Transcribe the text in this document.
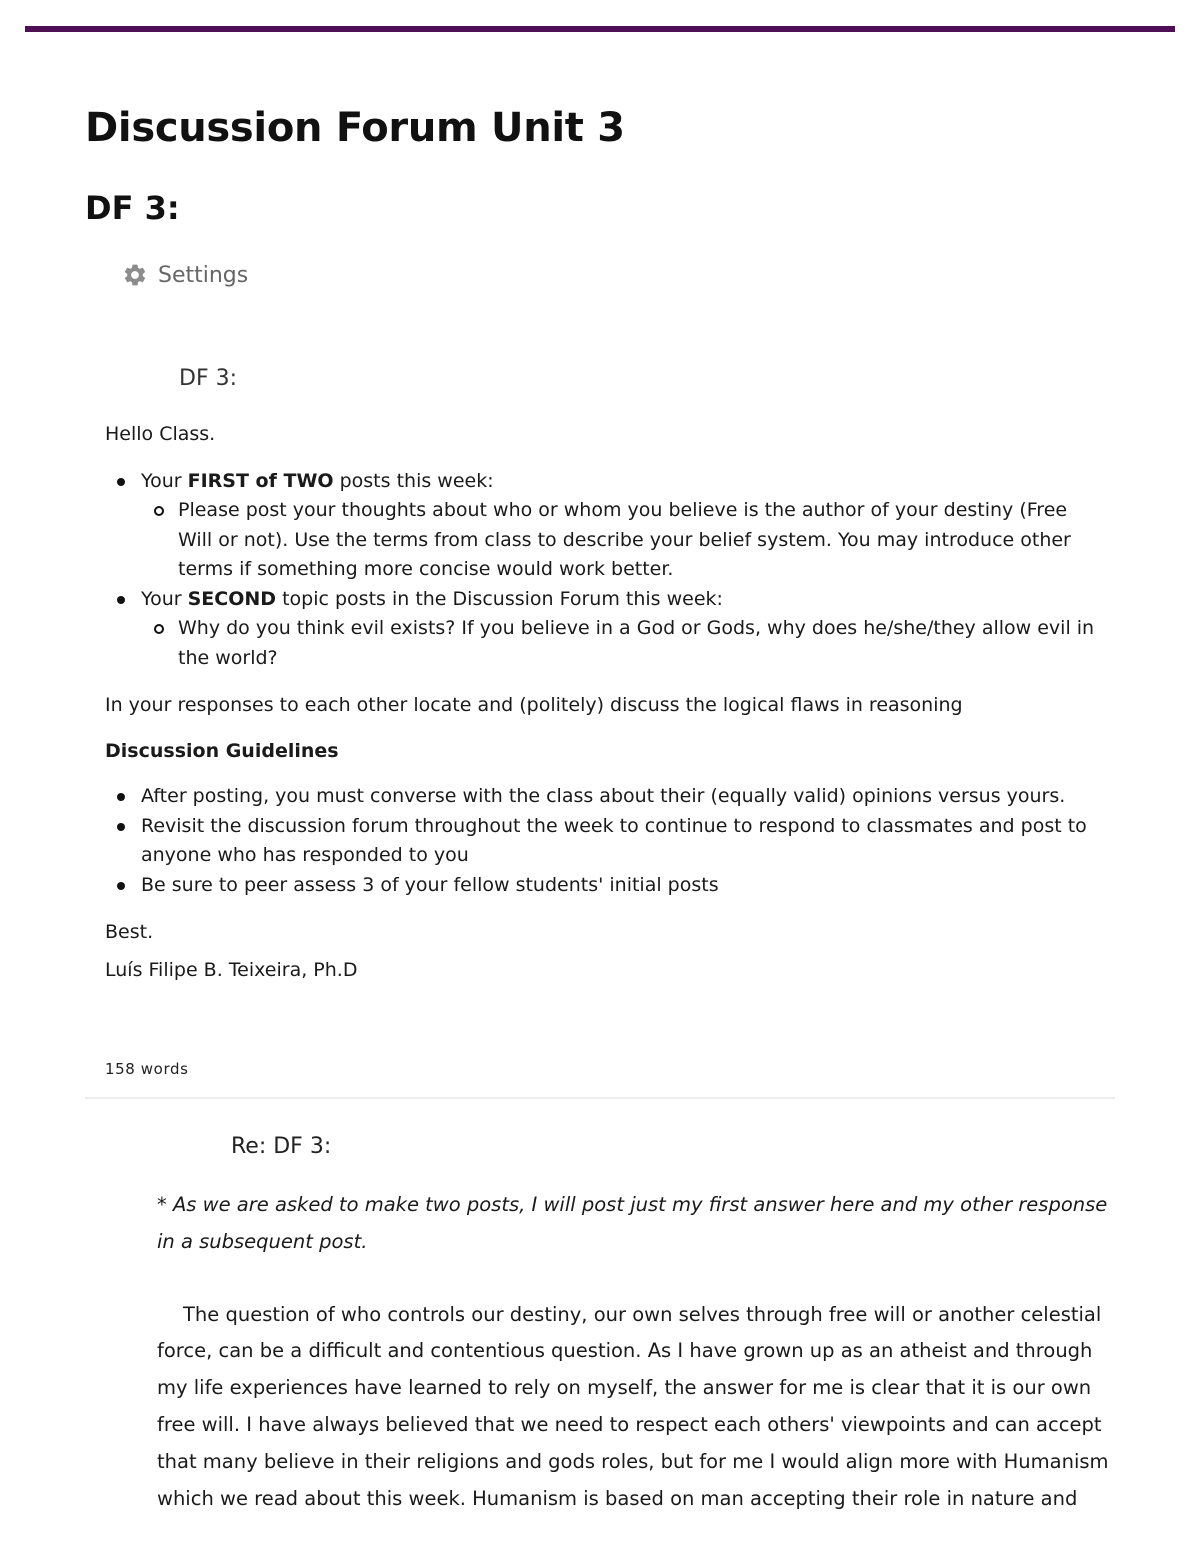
Discussion Forum Unit 3
DF 3:
Settings
DF 3:

Hello Class.

Your FIRST of TWO posts this week:
Please post your thoughts about who or whom you believe is the author of your destiny (Free Will or not). Use the terms from class to describe your belief system. You may introduce other terms if something more concise would work better.
Your SECOND topic posts in the Discussion Forum this week:
Why do you think evil exists? If you believe in a God or Gods, why does he/she/they allow evil in the world?

In your responses to each other locate and (politely) discuss the logical flaws in reasoning

Discussion Guidelines

After posting, you must converse with the class about their (equally valid) opinions versus yours.
Revisit the discussion forum throughout the week to continue to respond to classmates and post to anyone who has responded to you
Be sure to peer assess 3 of your fellow students' initial posts

Best.

Luís Filipe B. Teixeira, Ph.D

158 words
Re: DF 3:

* As we are asked to make two posts, I will post just my first answer here and my other response in a subsequent post.

The question of who controls our destiny, our own selves through free will or another celestial force, can be a difficult and contentious question. As I have grown up as an atheist and through my life experiences have learned to rely on myself, the answer for me is clear that it is our own free will. I have always believed that we need to respect each others' viewpoints and can accept that many believe in their religions and gods roles, but for me I would align more with Humanism which we read about this week. Humanism is based on man accepting their role in nature and
